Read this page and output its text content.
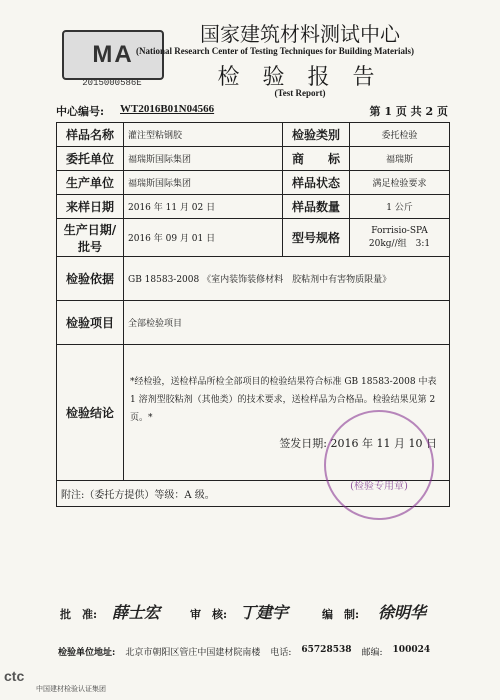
MA
2015000586E
国家建筑材料测试中心
(National Research Center of Testing Techniques for Building Materials)
检 验 报 告
(Test Report)
中心编号: WT2016B01N04566	第 1 页 共 2 页
样品名称	灌注型粘钢胶	检验类别	委托检验
委托单位	福瑞斯国际集团	商　　标	福瑞斯
生产单位	福瑞斯国际集团	样品状态	满足检验要求
来样日期	2016 年 11 月 02 日	样品数量	1 公斤
生产日期/批号	2016 年 09 月 01 日	型号规格	Forrisio-SPA
20kg//组　3:1

检验依据	GB 18583-2008 《室内装饰装修材料　胶粘剂中有害物质限量》		
检验项目	全部检验项目		
检验结论	*经检验，送检样品所检全部项目的检验结果符合标准 GB 18583-2008 中表 1 溶剂型胶粘剂（其他类）的技术要求，送检样品为合格品。检验结果见第 2 页。*

签发日期: 2016 年 11 月 10 日		

附注:（委托方提供）等级：A 级。			
(检验专用章)
批　准: 薛士宏	审　核: 丁建宇	编　制: 徐明华
检验单位地址: 北京市朝阳区管庄中国建材院南楼 电话: 65728538 邮编: 100024
ctc
中国建材检验认证集团
